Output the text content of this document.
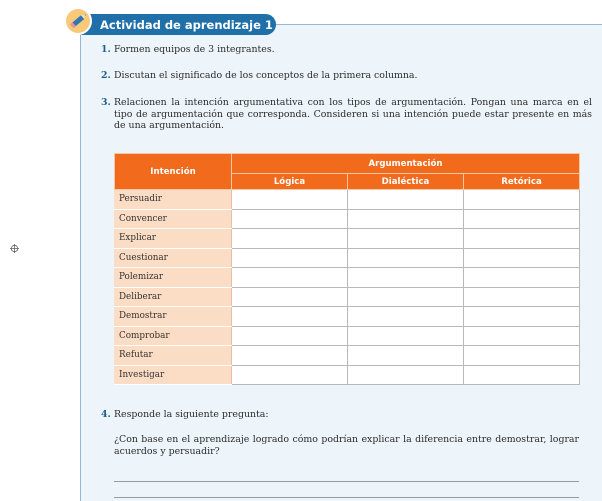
Actividad de aprendizaje 1
1. Formen equipos de 3 integrantes.
2. Discutan el significado de los conceptos de la primera columna.
3. Relacionen la intención argumentativa con los tipos de argumentación. Pongan una marca en el tipo de argumentación que corresponda. Consideren si una intención puede estar presente en más de una argumentación.
Intención	Argumentación		
	Lógica	Dialéctica	Retórica
Persuadir			
Convencer			
Explicar			
Cuestionar			
Polemizar			
Deliberar			
Demostrar			
Comprobar			
Refutar			
Investigar			
4. Responde la siguiente pregunta:
¿Con base en el aprendizaje logrado cómo podrían explicar la diferencia entre demostrar, lograr acuerdos y persuadir?
